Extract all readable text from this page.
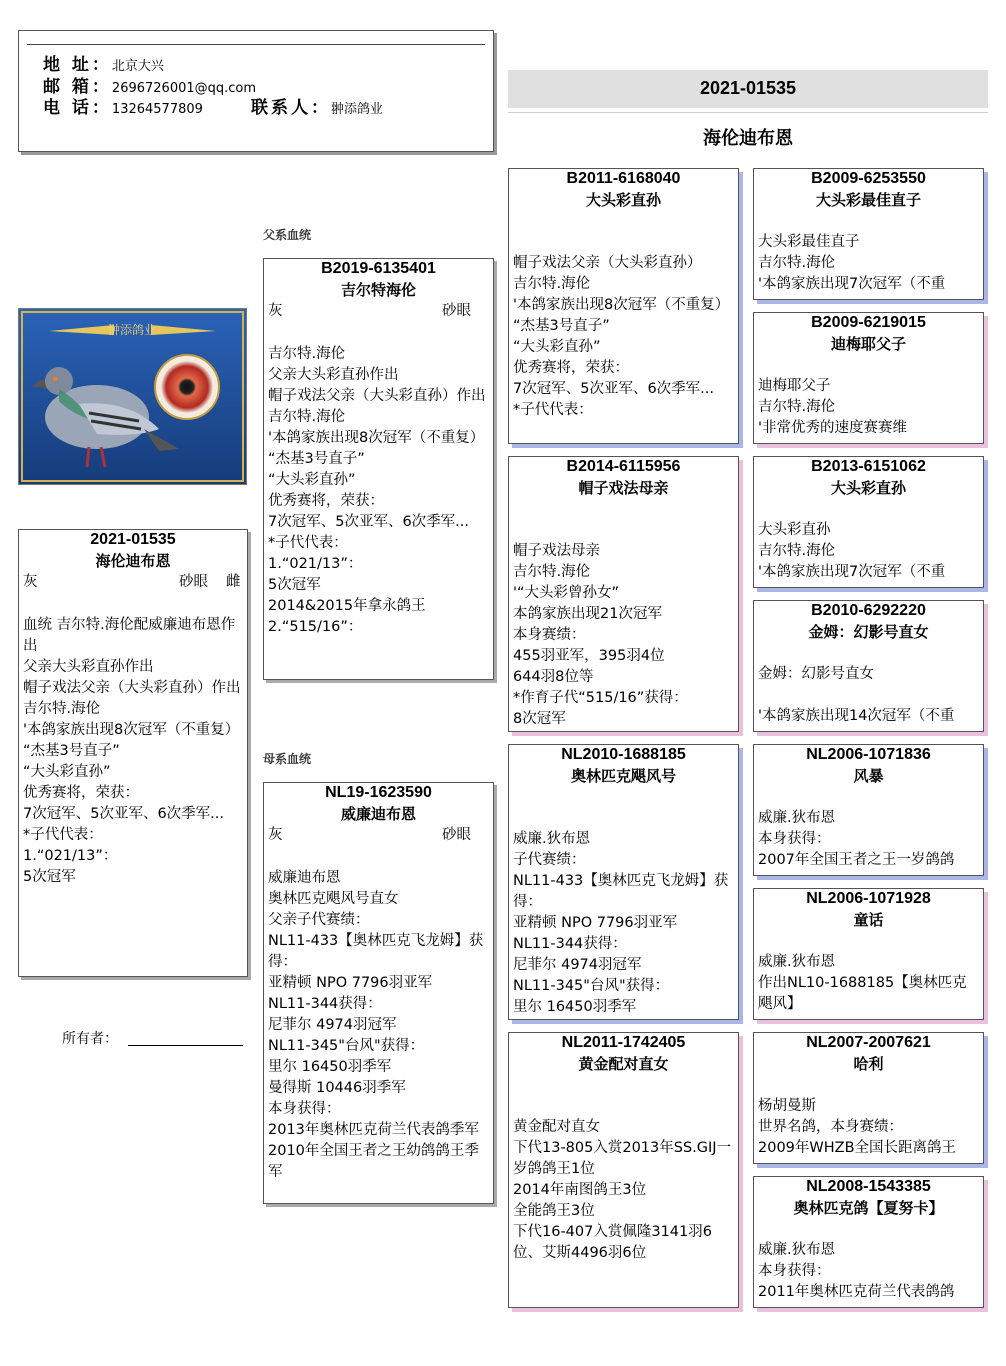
地 址：北京大兴
邮 箱：2696726001@qq.com
电 话：13264577809	联系人：翀添鸽业
2021-01535
海伦迪布恩
父系血统
母系血统
翀添鸽业
2021-01535
海伦迪布恩
灰	砂眼 雌

血统 吉尔特.海伦配威廉迪布恩作出
父亲大头彩直孙作出
帽子戏法父亲（大头彩直孙）作出
吉尔特.海伦
'本鸽家族出现8次冠军（不重复）
“杰基3号直子”
“大头彩直孙”
优秀赛将，荣获：
7次冠军、5次亚军、6次季军...
*子代代表：
1.“021/13”：
5次冠军
B2019-6135401
吉尔特海伦
灰	砂眼

吉尔特.海伦
父亲大头彩直孙作出
帽子戏法父亲（大头彩直孙）作出
吉尔特.海伦
'本鸽家族出现8次冠军（不重复）
“杰基3号直子”
“大头彩直孙”
优秀赛将，荣获：
7次冠军、5次亚军、6次季军...
*子代代表：
1.“021/13”：
5次冠军
2014&2015年拿永鸽王
2.“515/16”：
NL19-1623590
威廉迪布恩
灰	砂眼

威廉迪布恩
奥林匹克飓风号直女
父亲子代赛绩：
NL11-433【奥林匹克飞龙姆】获得：
亚精顿 NPO 7796羽亚军
NL11-344获得：
尼菲尔 4974羽冠军
NL11-345"台风"获得：
里尔 16450羽季军
曼得斯 10446羽季军
本身获得：
2013年奥林匹克荷兰代表鸽季军
2010年全国王者之王幼鸽鸽王季军
B2011-6168040
大头彩直孙

帽子戏法父亲（大头彩直孙）
吉尔特.海伦
'本鸽家族出现8次冠军（不重复）
“杰基3号直子”
“大头彩直孙”
优秀赛将，荣获：
7次冠军、5次亚军、6次季军...
*子代代表：
B2014-6115956
帽子戏法母亲

帽子戏法母亲
吉尔特.海伦
'“大头彩曾孙女”
本鸽家族出现21次冠军
本身赛绩：
455羽亚军，395羽4位
644羽8位等
*作育子代“515/16”获得：
8次冠军
NL2010-1688185
奥林匹克飓风号

威廉.狄布恩
子代赛绩：
NL11-433【奥林匹克飞龙姆】获得：
亚精顿 NPO 7796羽亚军
NL11-344获得：
尼菲尔 4974羽冠军
NL11-345"台风"获得：
里尔 16450羽季军
NL2011-1742405
黄金配对直女

黄金配对直女
下代13-805入赏2013年SS.GIJ一岁鸽鸽王1位
2014年南图鸽王3位
全能鸽王3位
下代16-407入赏佩隆3141羽6位、艾斯4496羽6位
B2009-6253550
大头彩最佳直子

大头彩最佳直子
吉尔特.海伦
'本鸽家族出现7次冠军（不重
B2009-6219015
迪梅耶父子

迪梅耶父子
吉尔特.海伦
'非常优秀的速度赛赛维
B2013-6151062
大头彩直孙

大头彩直孙
吉尔特.海伦
'本鸽家族出现7次冠军（不重
B2010-6292220
金姆：幻影号直女

金姆：幻影号直女

'本鸽家族出现14次冠军（不重
NL2006-1071836
风暴

威廉.狄布恩
本身获得：
2007年全国王者之王一岁鸽鸽
NL2006-1071928
童话

威廉.狄布恩
作出NL10-1688185【奥林匹克飓风】
NL2007-2007621
哈利

杨胡曼斯
世界名鸽，本身赛绩：
2009年WHZB全国长距离鸽王
NL2008-1543385
奥林匹克鸽【夏努卡】

威廉.狄布恩
本身获得：
2011年奥林匹克荷兰代表鸽鸽
所有者：
